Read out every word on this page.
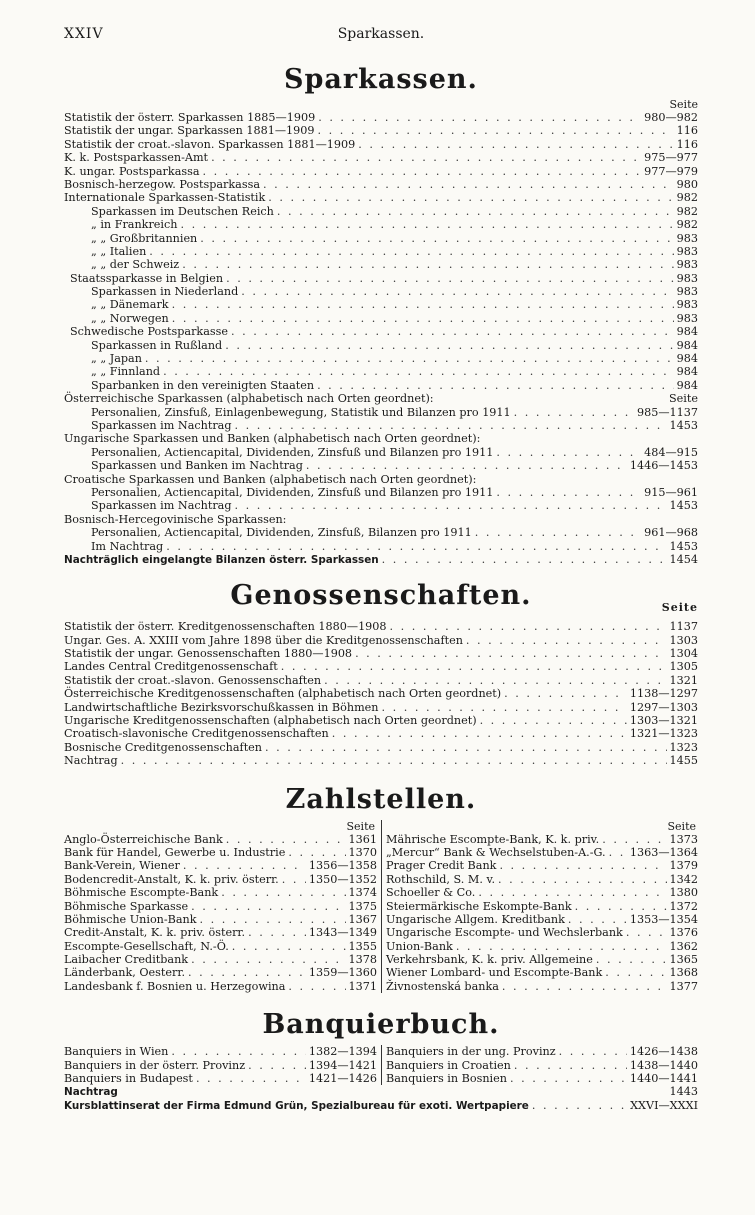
XXIV	Sparkassen.
Sparkassen.
Seite
Statistik der österr. Sparkassen 1885—1909 . . .	980—982
Statistik der ungar. Sparkassen 1881—1909 . . .	116
Statistik der croat.-slavon. Sparkassen 1881—1909 . . .	116
K. k. Postsparkassen-Amt . . .	975—977
K. ungar. Postsparkassa . . .	977—979
Bosnisch-herzegow. Postsparkassa . . .	980
Internationale Sparkassen-Statistik . . .	982
Sparkassen im Deutschen Reich . . .	982
„ in Frankreich . . .	982
„ „ Großbritannien . . .	983
„ „ Italien . . .	983
„ „ der Schweiz . . .	983
Staatssparkasse in Belgien . . .	983
Sparkassen in Niederland . . .	983
„ „ Dänemark . . .	983
„ „ Norwegen . . .	983
Schwedische Postsparkasse . . .	984
Sparkassen in Rußland . . .	984
„ „ Japan . . .	984
„ „ Finnland . . .	984
Sparbanken in den vereinigten Staaten . . .	984
Österreichische Sparkassen (alphabetisch nach Orten geordnet):	Seite
Personalien, Zinsfuß, Einlagenbewegung, Statistik und Bilanzen pro 1911 . . .	985—1137
Sparkassen im Nachtrag . . .	1453
Ungarische Sparkassen und Banken (alphabetisch nach Orten geordnet):
Personalien, Actiencapital, Dividenden, Zinsfuß und Bilanzen pro 1911 . . .	484—915
Sparkassen und Banken im Nachtrag . . .	1446—1453
Croatische Sparkassen und Banken (alphabetisch nach Orten geordnet):
Personalien, Actiencapital, Dividenden, Zinsfuß und Bilanzen pro 1911 . . .	915—961
Sparkassen im Nachtrag . . .	1453
Bosnisch-Hercegovinische Sparkassen:
Personalien, Actiencapital, Dividenden, Zinsfuß, Bilanzen pro 1911 . . .	961—968
Im Nachtrag . . .	1453
Nachträglich eingelangte Bilanzen österr. Sparkassen . . .	1454
Genossenschaften.	Seite
Statistik der österr. Kreditgenossenschaften 1880—1908 . . .	1137
Ungar. Ges. A. XXIII vom Jahre 1898 über die Kreditgenossenschaften . . .	1303
Statistik der ungar. Genossenschaften 1880—1908 . . .	1304
Landes Central Creditgenossenschaft . . .	1305
Statistik der croat.-slavon. Genossenschaften . . .	1321
Österreichische Kreditgenossenschaften (alphabetisch nach Orten geordnet) . . .	1138—1297
Landwirtschaftliche Bezirksvorschußkassen in Böhmen . . .	1297—1303
Ungarische Kreditgenossenschaften (alphabetisch nach Orten geordnet) . . .	1303—1321
Croatisch-slavonische Creditgenossenschaften . . .	1321—1323
Bosnische Creditgenossenschaften . . .	1323
Nachtrag . . .	1455
Zahlstellen.
Seite
Anglo-Österreichische Bank . . .	1361
Bank für Handel, Gewerbe u. Industrie . . .	1370
Bank-Verein, Wiener . . .	1356—1358
Bodencredit-Anstalt, K. k. priv. österr. . . .	1350—1352
Böhmische Escompte-Bank . . .	1374
Böhmische Sparkasse . . .	1375
Böhmische Union-Bank . . .	1367
Credit-Anstalt, K. k. priv. österr. . . .	1343—1349
Escompte-Gesellschaft, N.-Ö. . . .	1355
Laibacher Creditbank . . .	1378
Länderbank, Oesterr. . . .	1359—1360
Landesbank f. Bosnien u. Herzegowina . . .	1371
Seite
Mährische Escompte-Bank, K. k. priv. . . .	1373
„Mercur“ Bank & Wechselstuben-A.-G. . . . 1363—1364
Prager Credit Bank . . .	1379
Rothschild, S. M. v. . . .	1342
Schoeller & Co. . . .	1380
Steiermärkische Eskompte-Bank . . .	1372
Ungarische Allgem. Kreditbank . . .	1353—1354
Ungarische Escompte- und Wechslerbank . . .	1376
Union-Bank . . .	1362
Verkehrsbank, K. k. priv. Allgemeine . . .	1365
Wiener Lombard- und Escompte-Bank . . .	1368
Živnostenská banka . . .	1377
Banquierbuch.
Banquiers in Wien . . .	1382—1394
Banquiers in der österr. Provinz . . .	1394—1421
Banquiers in Budapest . . .	1421—1426
Banquiers in der ung. Provinz . . .	1426—1438
Banquiers in Croatien . . .	1438—1440
Banquiers in Bosnien . . .	1440—1441
Nachtrag	1443
Kursblattinserat der Firma Edmund Grün, Spezialbureau für exoti. Wertpapiere . . .	XXVI—XXXI
